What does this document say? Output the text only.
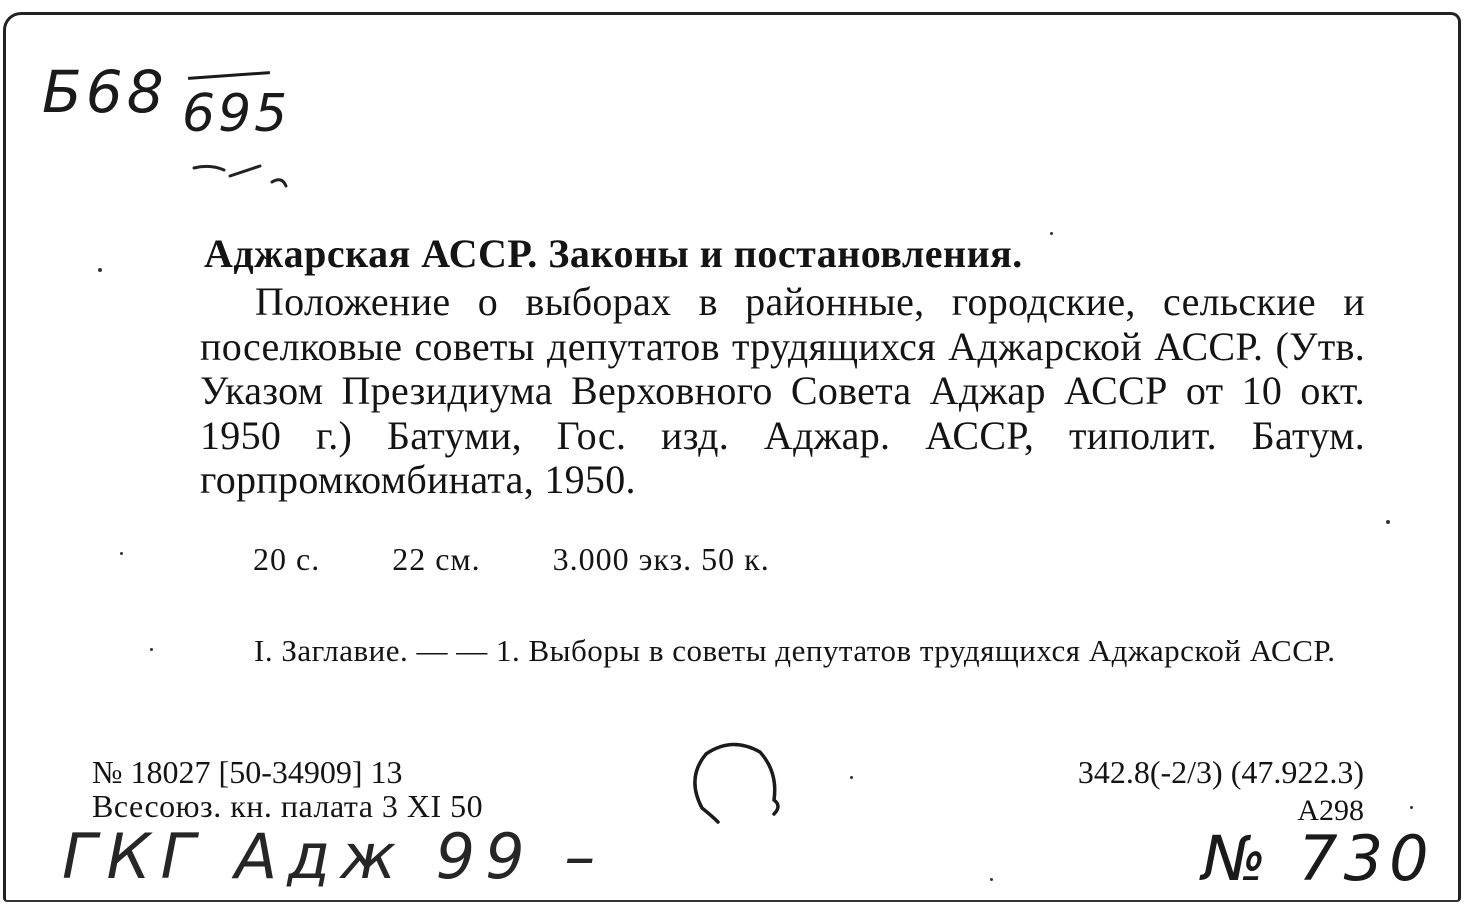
Б68 695
Аджарская АССР. Законы и постановления.
Положение о выборах в районные, городские, сельские и поселковые советы депутатов трудящихся Аджарской АССР. (Утв. Указом Президиума Верховного Совета Аджар АССР от 10 окт. 1950 г.) Батуми, Гос. изд. Аджар. АССР, типолит. Батум. горпромкомбината, 1950.
20 с. 22 см. 3.000 экз. 50 к.
I. Заглавие. — — 1. Выборы в советы депутатов трудящихся Аджарской АССР.
№ 18027 [50-34909] 13
Всесоюз. кн. палата 3 XI 50
342.8(-2/3) (47.922.3)
А298
ГКГ Адж 99 –	№ 730
